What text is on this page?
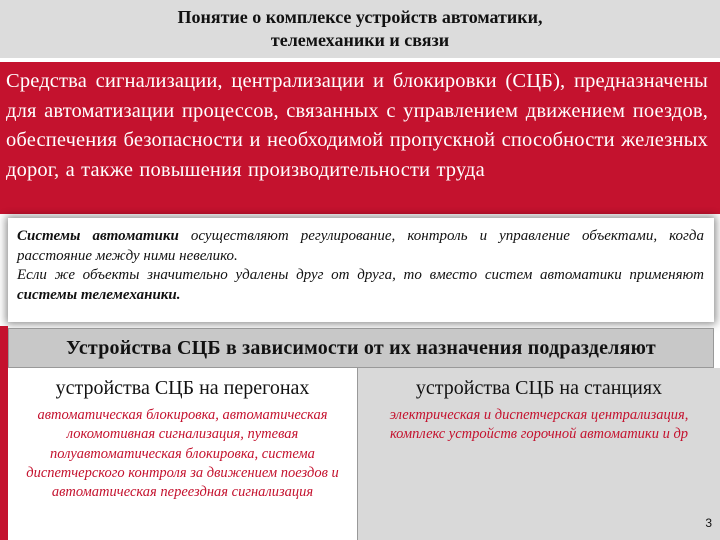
Понятие о комплексе устройств автоматики,
телемеханики и связи
Средства сигнализации, централизации и блокировки (СЦБ), предназначены для автоматизации процессов, связанных с управлением движением поездов, обеспечения безопасности и необходимой пропускной способности железных дорог, а также повышения производительности труда
Системы автоматики осуществляют регулирование, контроль и управление объектами, когда расстояние между ними невелико.
Если же объекты значительно удалены друг от друга, то вместо систем автоматики применяют системы телемеханики.
Устройства СЦБ в зависимости от их назначения подразделяют
устройства СЦБ на перегонах
автоматическая блокировка, автоматическая локомотивная сигнализация, путевая полуавтоматическая блокировка, система диспетчерского контроля за движением поездов и автоматическая переездная сигнализация
устройства СЦБ на станциях
электрическая и диспетчерская централизация, комплекс устройств горочной автоматики и др
3
